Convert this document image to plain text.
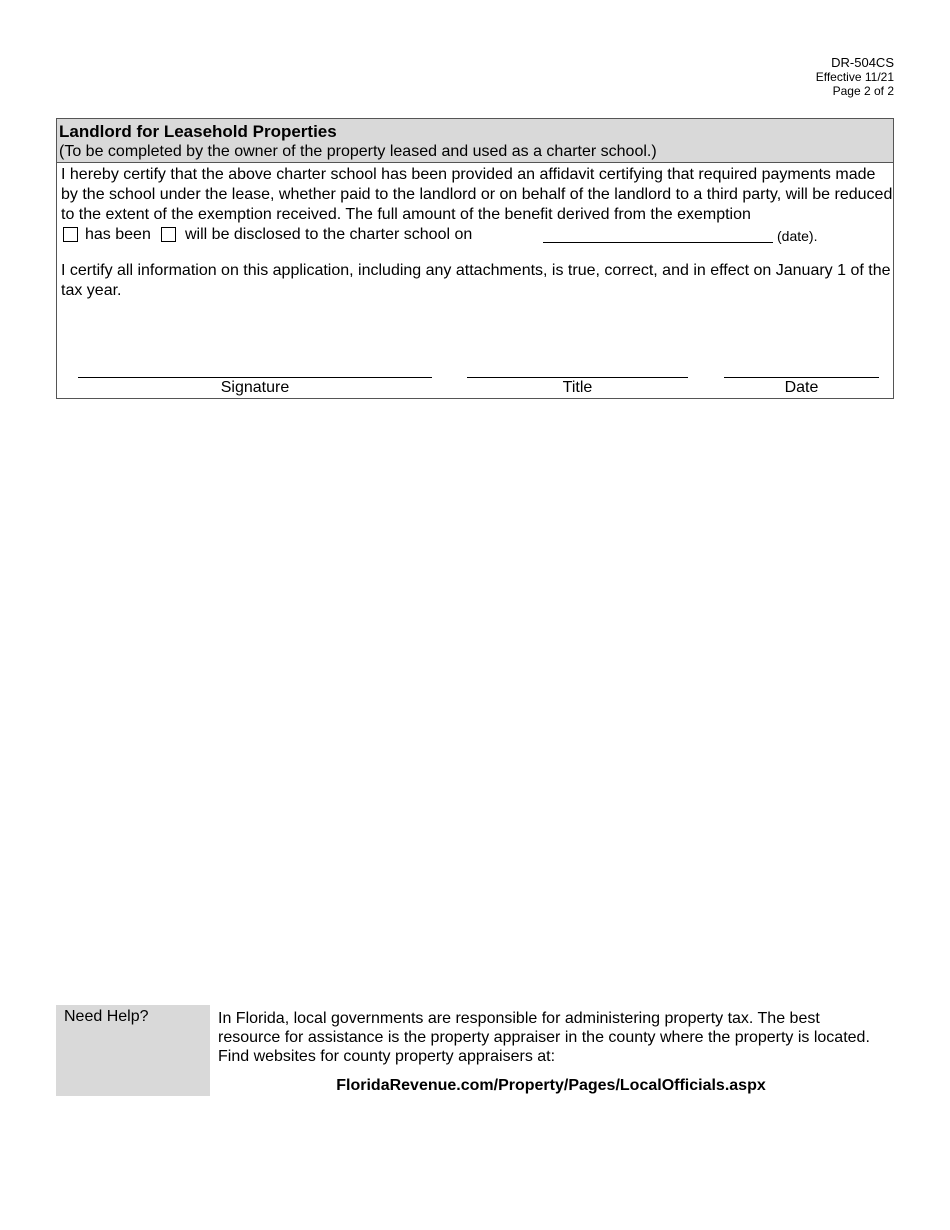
DR-504CS
Effective 11/21
Page 2 of 2
Landlord for Leasehold Properties
(To be completed by the owner of the property leased and used as a charter school.)
I hereby certify that the above charter school has been provided an affidavit certifying that required payments made by the school under the lease, whether paid to the landlord or on behalf of the landlord to a third party, will be reduced to the extent of the exemption received. The full amount of the benefit derived from the exemption
has been will be disclosed to the charter school on	(date).
I certify all information on this application, including any attachments, is true, correct, and in effect on January 1 of the tax year.
Signature	Title	Date
Need Help?	In Florida, local governments are responsible for administering property tax. The best resource for assistance is the property appraiser in the county where the property is located. Find websites for county property appraisers at:
FloridaRevenue.com/Property/Pages/LocalOfficials.aspx
